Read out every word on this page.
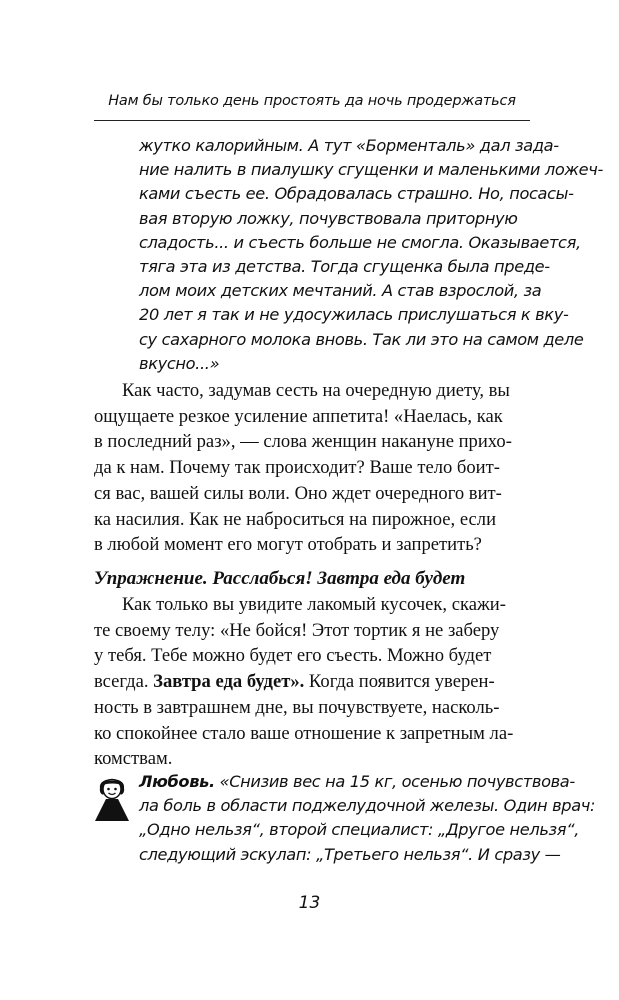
Нам бы только день простоять да ночь продержаться
жутко калорийным. А тут «Борменталь» дал зада-
ние налить в пиалушку сгущенки и маленькими ложеч-
ками съесть ее. Обрадовалась страшно. Но, посасы-
вая вторую ложку, почувствовала приторную
сладость... и съесть больше не смогла. Оказывается,
тяга эта из детства. Тогда сгущенка была преде-
лом моих детских мечтаний. А став взрослой, за
20 лет я так и не удосужилась прислушаться к вку-
су сахарного молока вновь. Так ли это на самом деле
вкусно...»
Как часто, задумав сесть на очередную диету, вы
ощущаете резкое усиление аппетита! «Наелась, как
в последний раз», — слова женщин накануне прихо-
да к нам. Почему так происходит? Ваше тело боит-
ся вас, вашей силы воли. Оно ждет очередного вит-
ка насилия. Как не наброситься на пирожное, если
в любой момент его могут отобрать и запретить?
Упражнение. Расслабься! Завтра еда будет
Как только вы увидите лакомый кусочек, скажи-
те своему телу: «Не бойся! Этот тортик я не заберу
у тебя. Тебе можно будет его съесть. Можно будет
всегда. Завтра еда будет». Когда появится уверен-
ность в завтрашнем дне, вы почувствуете, насколь-
ко спокойнее стало ваше отношение к запретным ла-
комствам.
Любовь. «Снизив вес на 15 кг, осенью почувствова-
ла боль в области поджелудочной железы. Один врач:
„Одно нельзя“, второй специалист: „Другое нельзя“,
следующий эскулап: „Третьего нельзя“. И сразу —
13
